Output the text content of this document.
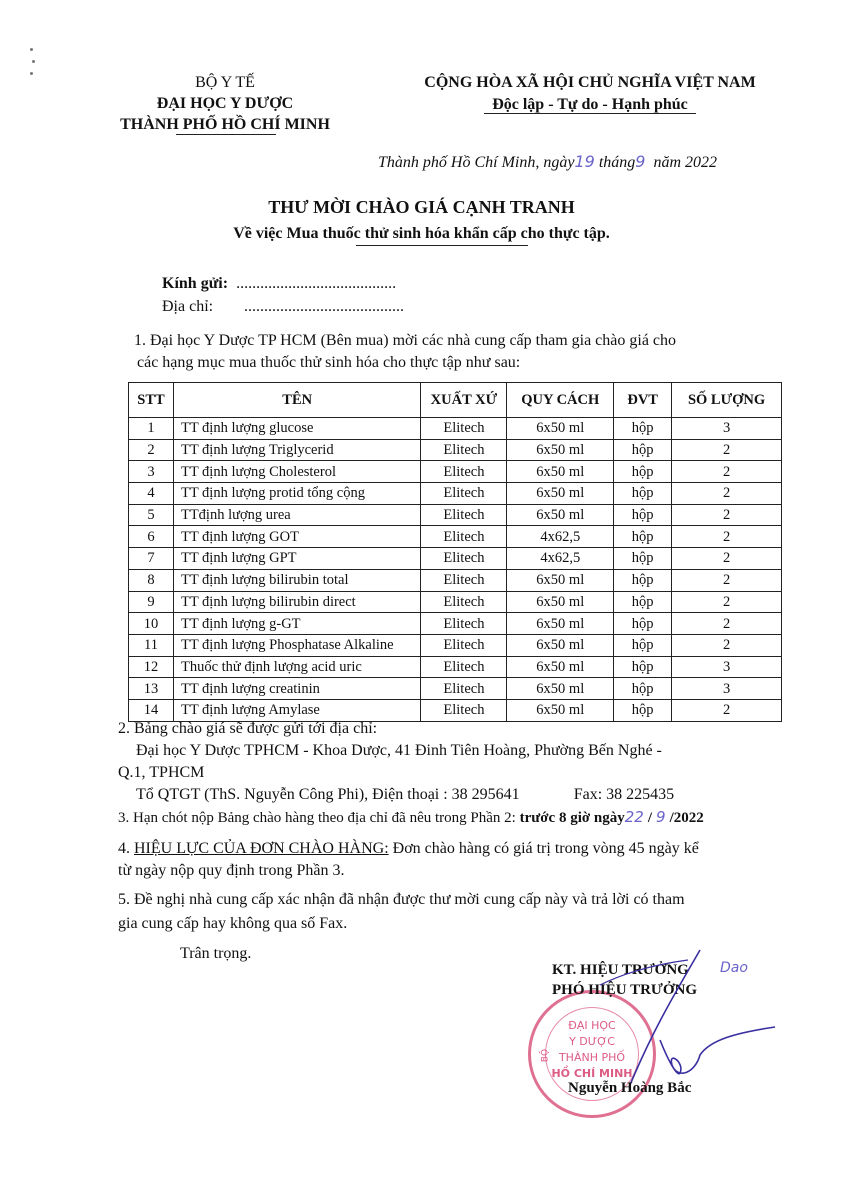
BỘ Y TẾ
ĐẠI HỌC Y DƯỢC
THÀNH PHỐ HỒ CHÍ MINH
CỘNG HÒA XÃ HỘI CHỦ NGHĨA VIỆT NAM
Độc lập - Tự do - Hạnh phúc
Thành phố Hồ Chí Minh, ngày19 tháng9 năm 2022
THƯ MỜI CHÀO GIÁ CẠNH TRANH
Về việc Mua thuốc thử sinh hóa khẩn cấp cho thực tập.
Kính gửi: ........................................
Địa chỉ: ........................................
1. Đại học Y Dược TP HCM (Bên mua) mời các nhà cung cấp tham gia chào giá cho
các hạng mục mua thuốc thử sinh hóa cho thực tập như sau:
STT	TÊN	XUẤT XỨ	QUY CÁCH	ĐVT	SỐ LƯỢNG
1	TT định lượng glucose	Elitech	6x50 ml	hộp	3
2	TT định lượng Triglycerid	Elitech	6x50 ml	hộp	2
3	TT định lượng Cholesterol	Elitech	6x50 ml	hộp	2
4	TT định lượng protid tổng cộng	Elitech	6x50 ml	hộp	2
5	TTđịnh lượng urea	Elitech	6x50 ml	hộp	2
6	TT định lượng GOT	Elitech	4x62,5	hộp	2
7	TT định lượng GPT	Elitech	4x62,5	hộp	2
8	TT định lượng bilirubin total	Elitech	6x50 ml	hộp	2
9	TT định lượng bilirubin direct	Elitech	6x50 ml	hộp	2
10	TT định lượng g-GT	Elitech	6x50 ml	hộp	2
11	TT định lượng Phosphatase Alkaline	Elitech	6x50 ml	hộp	2
12	Thuốc thử định lượng acid uric	Elitech	6x50 ml	hộp	3
13	TT định lượng creatinin	Elitech	6x50 ml	hộp	3
14	TT định lượng Amylase	Elitech	6x50 ml	hộp	2
2. Bảng chào giá sẽ được gửi tới địa chỉ:
Đại học Y Dược TPHCM - Khoa Dược, 41 Đinh Tiên Hoàng, Phường Bến Nghé -
Q.1, TPHCM
Tổ QTGT (ThS. Nguyễn Công Phi), Điện thoại : 38 295641	Fax: 38 225435
3. Hạn chót nộp Bảng chào hàng theo địa chỉ đã nêu trong Phần 2: trước 8 giờ ngày22 / 9 /2022
4. HIỆU LỰC CỦA ĐƠN CHÀO HÀNG: Đơn chào hàng có giá trị trong vòng 45 ngày kể
từ ngày nộp quy định trong Phần 3.
5. Đề nghị nhà cung cấp xác nhận đã nhận được thư mời cung cấp này và trả lời có tham
gia cung cấp hay không qua số Fax.
Trân trọng.
ĐẠI HỌC
Y DƯỢC
THÀNH PHỐ
HỒ CHÍ MINH
BỘ
KT. HIỆU TRƯỞNG Dao
PHÓ HIỆU TRƯỞNG
Nguyễn Hoàng Bắc
